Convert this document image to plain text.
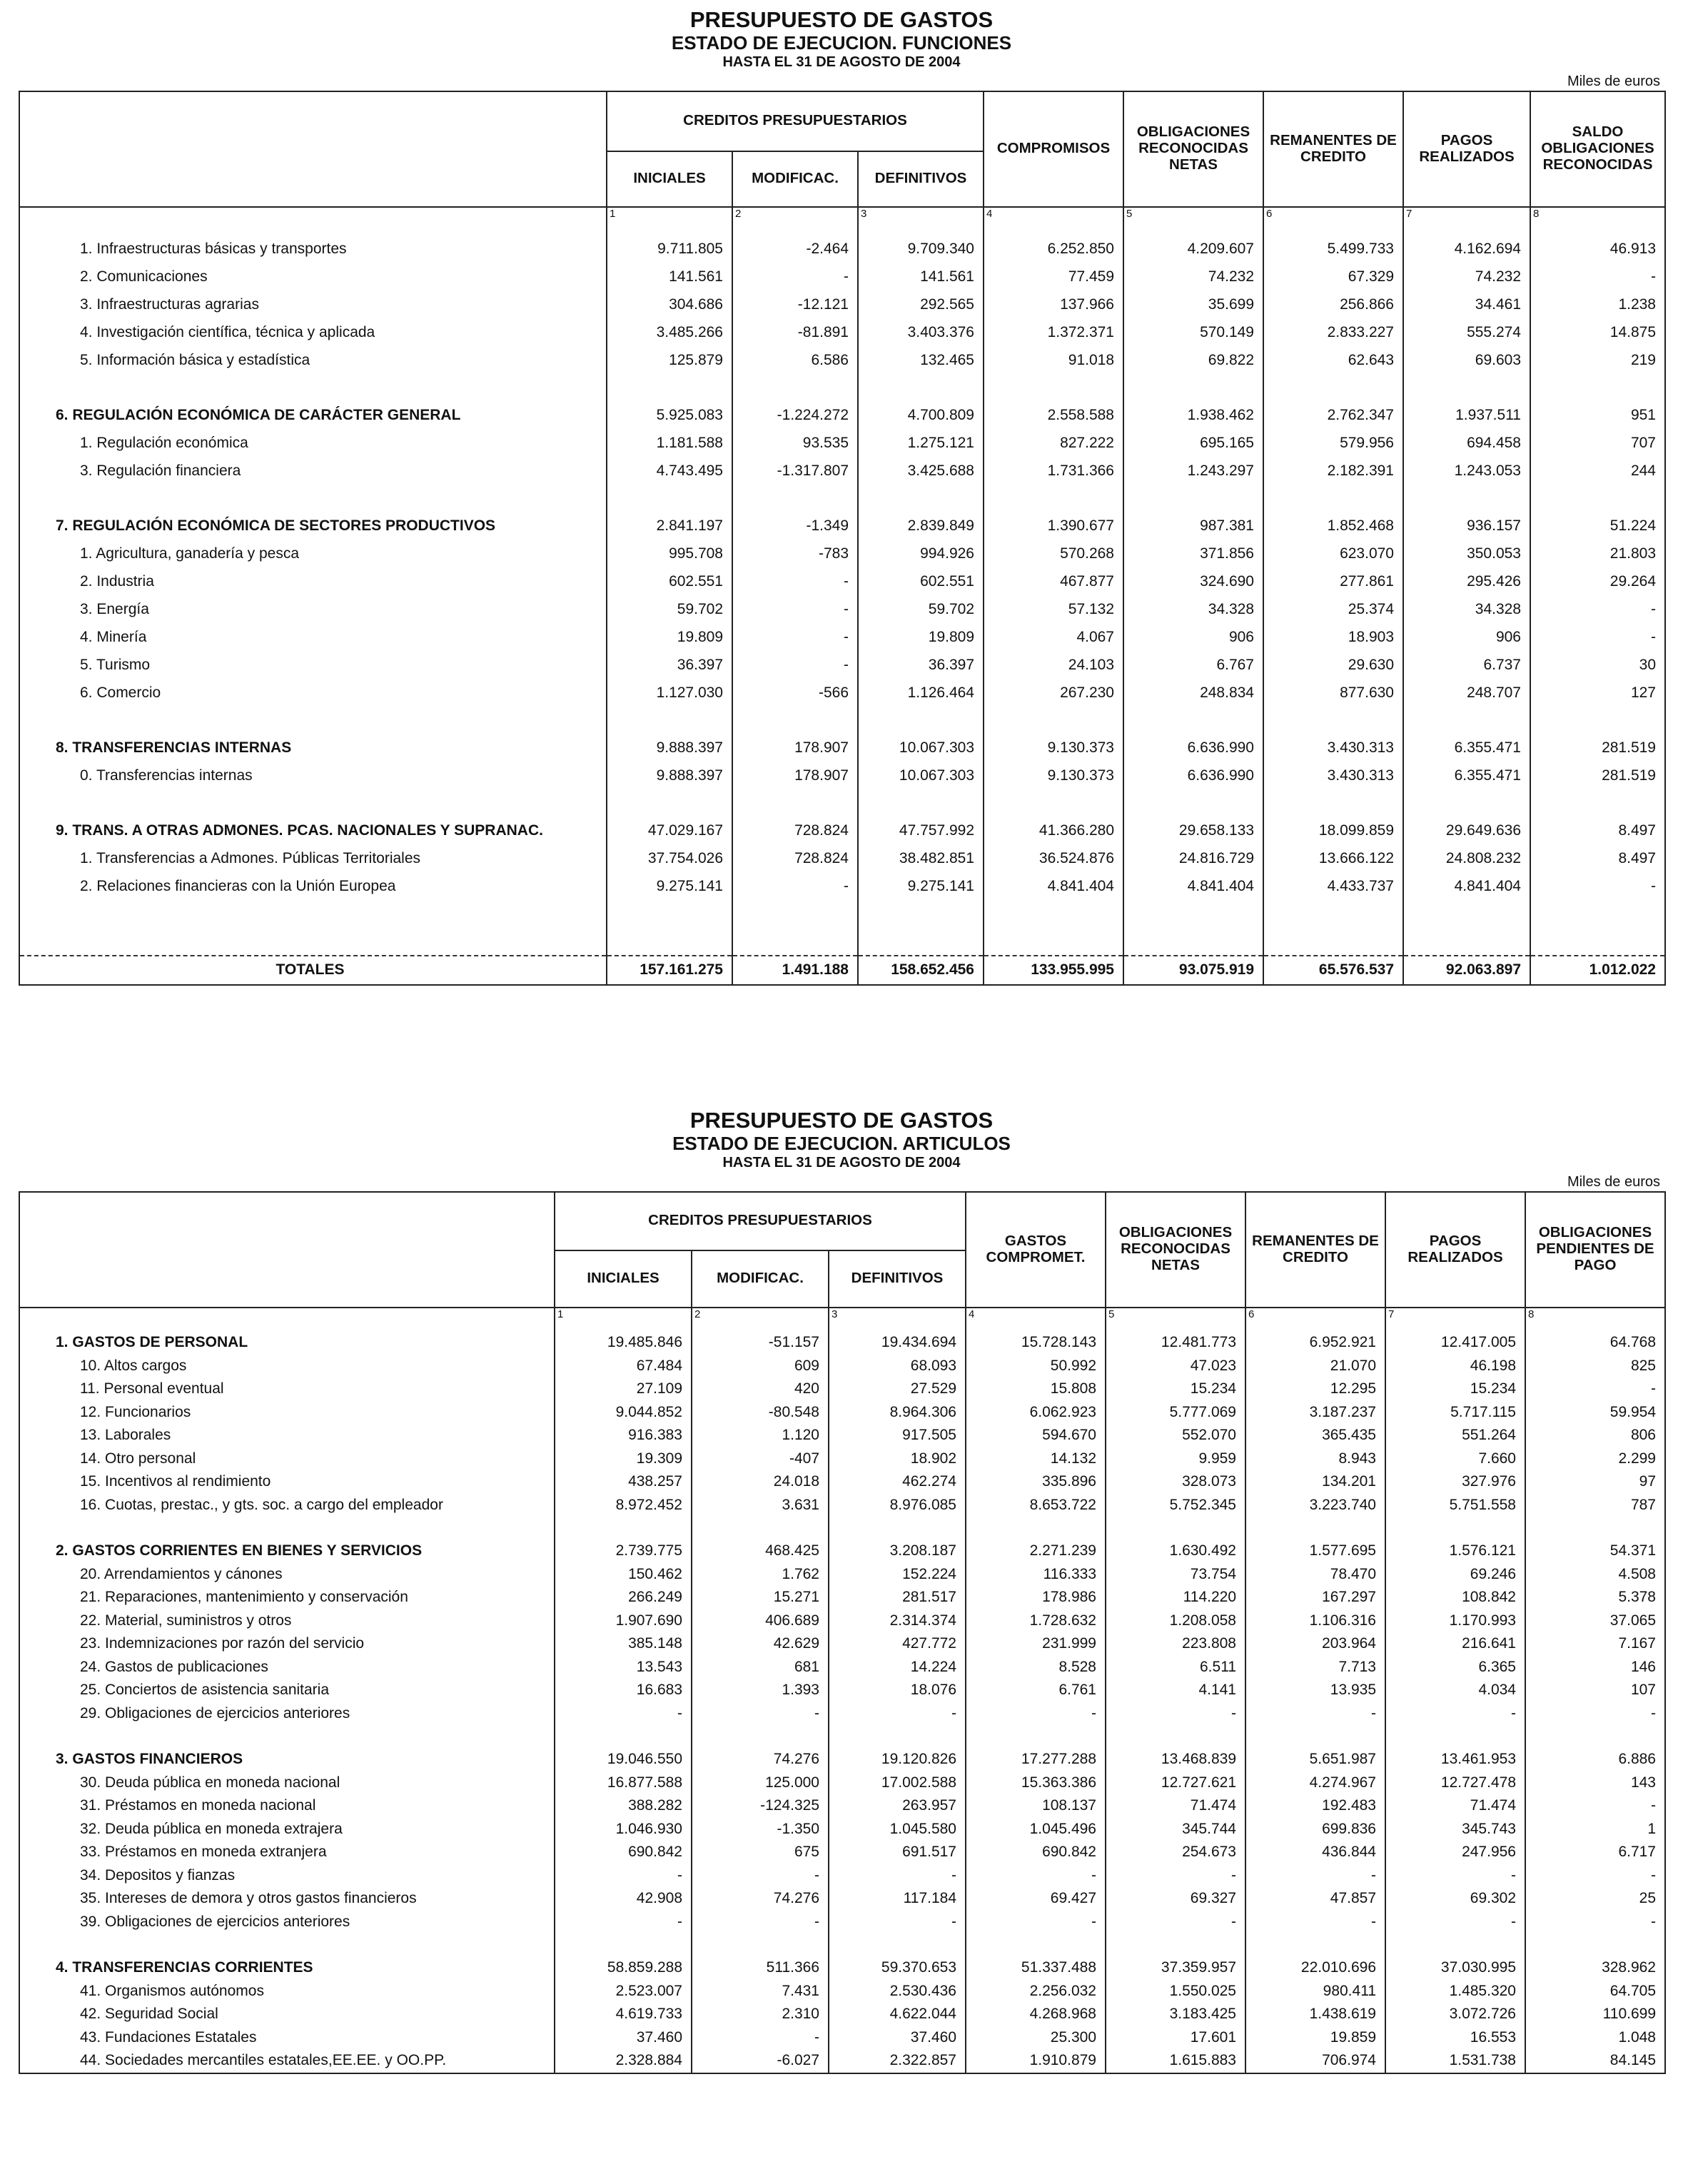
PRESUPUESTO DE GASTOS
ESTADO DE EJECUCION. FUNCIONES
HASTA EL 31 DE AGOSTO DE 2004
Miles de euros
	CREDITOS PRESUPUESTARIOS			COMPROMISOS	OBLIGACIONES RECONOCIDAS NETAS	REMANENTES DE CREDITO	PAGOS REALIZADOS	SALDO OBLIGACIONES RECONOCIDAS
	INICIALES	MODIFICAC.	DEFINITIVOS					
	1	2	3	4	5	6	7	8
1. Infraestructuras básicas y transportes	9.711.805	-2.464	9.709.340	6.252.850	4.209.607	5.499.733	4.162.694	46.913
2. Comunicaciones	141.561	-	141.561	77.459	74.232	67.329	74.232	-
3. Infraestructuras agrarias	304.686	-12.121	292.565	137.966	35.699	256.866	34.461	1.238
4. Investigación científica, técnica y aplicada	3.485.266	-81.891	3.403.376	1.372.371	570.149	2.833.227	555.274	14.875
5. Información básica y estadística	125.879	6.586	132.465	91.018	69.822	62.643	69.603	219

6. REGULACIÓN ECONÓMICA DE CARÁCTER GENERAL	5.925.083	-1.224.272	4.700.809	2.558.588	1.938.462	2.762.347	1.937.511	951
1. Regulación económica	1.181.588	93.535	1.275.121	827.222	695.165	579.956	694.458	707
3. Regulación financiera	4.743.495	-1.317.807	3.425.688	1.731.366	1.243.297	2.182.391	1.243.053	244

7. REGULACIÓN ECONÓMICA DE SECTORES PRODUCTIVOS	2.841.197	-1.349	2.839.849	1.390.677	987.381	1.852.468	936.157	51.224
1. Agricultura, ganadería y pesca	995.708	-783	994.926	570.268	371.856	623.070	350.053	21.803
2. Industria	602.551	-	602.551	467.877	324.690	277.861	295.426	29.264
3. Energía	59.702	-	59.702	57.132	34.328	25.374	34.328	-
4. Minería	19.809	-	19.809	4.067	906	18.903	906	-
5. Turismo	36.397	-	36.397	24.103	6.767	29.630	6.737	30
6. Comercio	1.127.030	-566	1.126.464	267.230	248.834	877.630	248.707	127

8. TRANSFERENCIAS INTERNAS	9.888.397	178.907	10.067.303	9.130.373	6.636.990	3.430.313	6.355.471	281.519
0. Transferencias internas	9.888.397	178.907	10.067.303	9.130.373	6.636.990	3.430.313	6.355.471	281.519

9. TRANS. A OTRAS ADMONES. PCAS. NACIONALES Y SUPRANAC.	47.029.167	728.824	47.757.992	41.366.280	29.658.133	18.099.859	29.649.636	8.497
1. Transferencias a Admones. Públicas Territoriales	37.754.026	728.824	38.482.851	36.524.876	24.816.729	13.666.122	24.808.232	8.497
2. Relaciones financieras con la Unión Europea	9.275.141	-	9.275.141	4.841.404	4.841.404	4.433.737	4.841.404	-

TOTALES	157.161.275	1.491.188	158.652.456	133.955.995	93.075.919	65.576.537	92.063.897	1.012.022
PRESUPUESTO DE GASTOS
ESTADO DE EJECUCION. ARTICULOS
HASTA EL 31 DE AGOSTO DE 2004
Miles de euros
	CREDITOS PRESUPUESTARIOS			GASTOS COMPROMET.	OBLIGACIONES RECONOCIDAS NETAS	REMANENTES DE CREDITO	PAGOS REALIZADOS	OBLIGACIONES PENDIENTES DE PAGO
	INICIALES	MODIFICAC.	DEFINITIVOS					
	1	2	3	4	5	6	7	8
1. GASTOS DE PERSONAL	19.485.846	-51.157	19.434.694	15.728.143	12.481.773	6.952.921	12.417.005	64.768
10. Altos cargos	67.484	609	68.093	50.992	47.023	21.070	46.198	825
11. Personal eventual	27.109	420	27.529	15.808	15.234	12.295	15.234	-
12. Funcionarios	9.044.852	-80.548	8.964.306	6.062.923	5.777.069	3.187.237	5.717.115	59.954
13. Laborales	916.383	1.120	917.505	594.670	552.070	365.435	551.264	806
14. Otro personal	19.309	-407	18.902	14.132	9.959	8.943	7.660	2.299
15. Incentivos al rendimiento	438.257	24.018	462.274	335.896	328.073	134.201	327.976	97
16. Cuotas, prestac., y gts. soc. a cargo del empleador	8.972.452	3.631	8.976.085	8.653.722	5.752.345	3.223.740	5.751.558	787

2. GASTOS CORRIENTES EN BIENES Y SERVICIOS	2.739.775	468.425	3.208.187	2.271.239	1.630.492	1.577.695	1.576.121	54.371
20. Arrendamientos y cánones	150.462	1.762	152.224	116.333	73.754	78.470	69.246	4.508
21. Reparaciones, mantenimiento y conservación	266.249	15.271	281.517	178.986	114.220	167.297	108.842	5.378
22. Material, suministros y otros	1.907.690	406.689	2.314.374	1.728.632	1.208.058	1.106.316	1.170.993	37.065
23. Indemnizaciones por razón del servicio	385.148	42.629	427.772	231.999	223.808	203.964	216.641	7.167
24. Gastos de publicaciones	13.543	681	14.224	8.528	6.511	7.713	6.365	146
25. Conciertos de asistencia sanitaria	16.683	1.393	18.076	6.761	4.141	13.935	4.034	107
29. Obligaciones de ejercicios anteriores	-	-	-	-	-	-	-	-

3. GASTOS FINANCIEROS	19.046.550	74.276	19.120.826	17.277.288	13.468.839	5.651.987	13.461.953	6.886
30. Deuda pública en moneda nacional	16.877.588	125.000	17.002.588	15.363.386	12.727.621	4.274.967	12.727.478	143
31. Préstamos en moneda nacional	388.282	-124.325	263.957	108.137	71.474	192.483	71.474	-
32. Deuda pública en moneda extrajera	1.046.930	-1.350	1.045.580	1.045.496	345.744	699.836	345.743	1
33. Préstamos en moneda extranjera	690.842	675	691.517	690.842	254.673	436.844	247.956	6.717
34. Depositos y fianzas	-	-	-	-	-	-	-	-
35. Intereses de demora y otros gastos financieros	42.908	74.276	117.184	69.427	69.327	47.857	69.302	25
39. Obligaciones de ejercicios anteriores	-	-	-	-	-	-	-	-

4. TRANSFERENCIAS CORRIENTES	58.859.288	511.366	59.370.653	51.337.488	37.359.957	22.010.696	37.030.995	328.962
41. Organismos autónomos	2.523.007	7.431	2.530.436	2.256.032	1.550.025	980.411	1.485.320	64.705
42. Seguridad Social	4.619.733	2.310	4.622.044	4.268.968	3.183.425	1.438.619	3.072.726	110.699
43. Fundaciones Estatales	37.460	-	37.460	25.300	17.601	19.859	16.553	1.048
44. Sociedades mercantiles estatales,EE.EE. y OO.PP.	2.328.884	-6.027	2.322.857	1.910.879	1.615.883	706.974	1.531.738	84.145
